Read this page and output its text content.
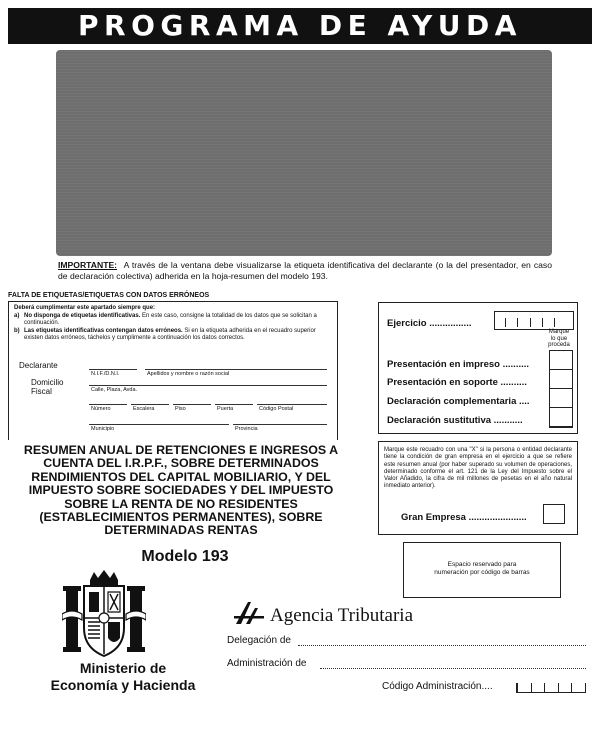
PROGRAMA DE AYUDA
IMPORTANTE: A través de la ventana debe visualizarse la etiqueta identificativa del declarante (o la del presentador, en caso de declaración colectiva) adherida en la hoja-resumen del modelo 193.
FALTA DE ETIQUETAS/ETIQUETAS CON DATOS ERRÓNEOS
Deberá cumplimentar este apartado siempre que:
a) No disponga de etiquetas identificativas. En este caso, consigne la totalidad de los datos que se solicitan a continuación.
b) Las etiquetas identificativas contengan datos erróneos. Si en la etiqueta adherida en el recuadro superior existen datos erróneos, táchelos y cumplimente a continuación los datos correctos.
Declarante
N.I.F./D.N.I.	Apellidos y nombre o razón social
Domicilio
Fiscal	Calle, Plaza, Avda.
Número	Escalera	Piso	Puerta	Código Postal
Municipio	Provincia
RESUMEN ANUAL DE RETENCIONES E INGRESOS A CUENTA DEL I.R.P.F., SOBRE DETERMINADOS RENDIMIENTOS DEL CAPITAL MOBILIARIO, Y DEL IMPUESTO SOBRE SOCIEDADES Y DEL IMPUESTO SOBRE LA RENTA DE NO RESIDENTES (ESTABLECIMIENTOS PERMANENTES), SOBRE DETERMINADAS RENTAS
Modelo 193
Ejercicio ................
Marque
lo que
proceda
Presentación en impreso ..........
Presentación en soporte ..........
Declaración complementaria ....
Declaración sustitutiva ...........
Marque este recuadro con una "X" si la persona o entidad declarante tiene la condición de gran empresa en el ejercicio a que se refiere este resumen anual (por haber superado su volumen de operaciones, determinado conforme el art. 121 de la Ley del Impuesto sobre el Valor Añadido, la cifra de mil millones de pesetas en el año natural inmediato anterior).
Gran Empresa ......................
Espacio reservado para
numeración por código de barras
Ministerio de
Economía y Hacienda
Agencia Tributaria
Delegación de
Administración de
Código Administración....
